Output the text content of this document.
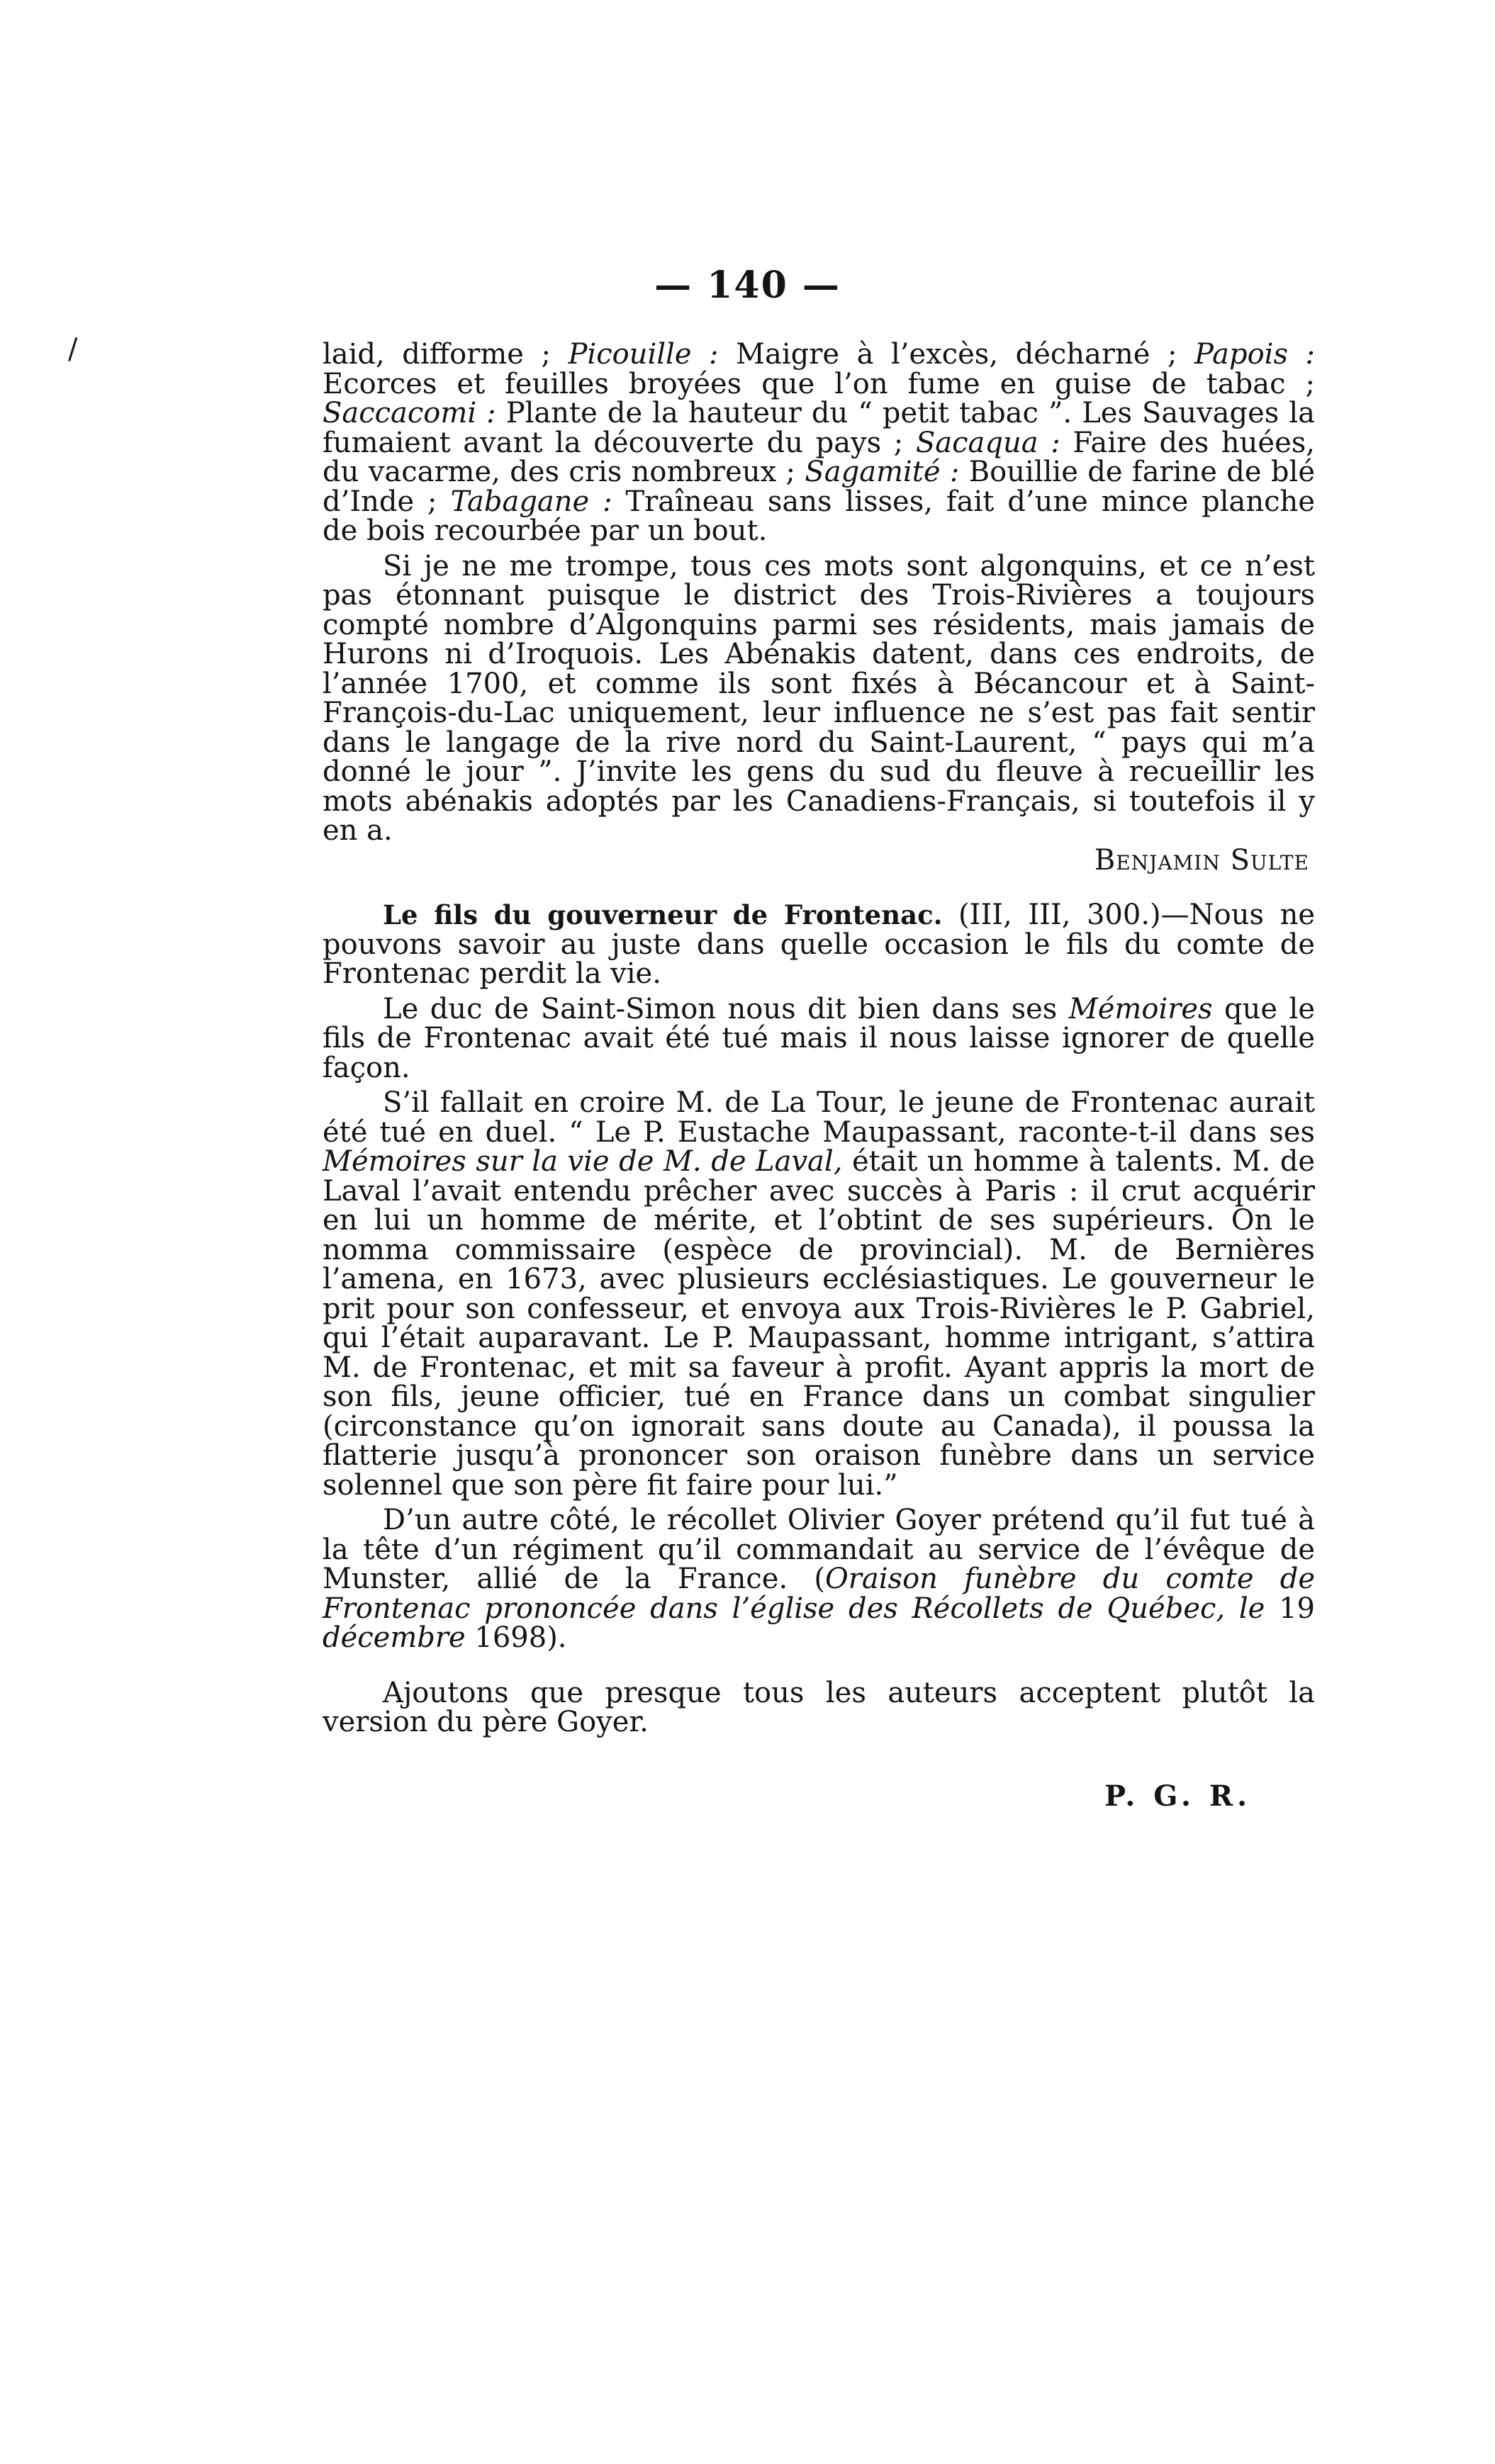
/
— 140 —

laid, difforme ; Picouille : Maigre à l’excès, décharné ; Papois : Ecorces et feuilles broyées que l’on fume en guise de tabac ; Saccacomi : Plante de la hauteur du “ petit tabac ”. Les Sauvages la fumaient avant la découverte du pays ; Sacaqua : Faire des huées, du vacarme, des cris nombreux ; Sagamité : Bouillie de farine de blé d’Inde ; Tabagane : Traîneau sans lisses, fait d’une mince planche de bois recourbée par un bout.

Si je ne me trompe, tous ces mots sont algonquins, et ce n’est pas étonnant puisque le district des Trois-Rivières a toujours compté nombre d’Algonquins parmi ses résidents, mais jamais de Hurons ni d’Iroquois. Les Abénakis datent, dans ces endroits, de l’année 1700, et comme ils sont fixés à Bécancour et à Saint-François-du-Lac uniquement, leur influence ne s’est pas fait sentir dans le langage de la rive nord du Saint-Laurent, “ pays qui m’a donné le jour ”. J’invite les gens du sud du fleuve à recueillir les mots abénakis adoptés par les Canadiens-Français, si toutefois il y en a.

Benjamin Sulte

Le fils du gouverneur de Frontenac. (III, III, 300.)—Nous ne pouvons savoir au juste dans quelle occasion le fils du comte de Frontenac perdit la vie.

Le duc de Saint-Simon nous dit bien dans ses Mémoires que le fils de Frontenac avait été tué mais il nous laisse ignorer de quelle façon.

S’il fallait en croire M. de La Tour, le jeune de Frontenac aurait été tué en duel. “ Le P. Eustache Maupassant, raconte-t-il dans ses Mémoires sur la vie de M. de Laval, était un homme à talents. M. de Laval l’avait entendu prêcher avec succès à Paris : il crut acquérir en lui un homme de mérite, et l’obtint de ses supérieurs. On le nomma commissaire (espèce de provincial). M. de Bernières l’amena, en 1673, avec plusieurs ecclésiastiques. Le gouverneur le prit pour son confesseur, et envoya aux Trois-Rivières le P. Gabriel, qui l’était auparavant. Le P. Maupassant, homme intrigant, s’attira M. de Frontenac, et mit sa faveur à profit. Ayant appris la mort de son fils, jeune officier, tué en France dans un combat singulier (circonstance qu’on ignorait sans doute au Canada), il poussa la flatterie jusqu’à prononcer son oraison funèbre dans un service solennel que son père fit faire pour lui.”

D’un autre côté, le récollet Olivier Goyer prétend qu’il fut tué à la tête d’un régiment qu’il commandait au service de l’évêque de Munster, allié de la France. (Oraison funèbre du comte de Frontenac prononcée dans l’église des Récollets de Québec, le 19 décembre 1698).

Ajoutons que presque tous les auteurs acceptent plutôt la version du père Goyer.

P. G. R.
